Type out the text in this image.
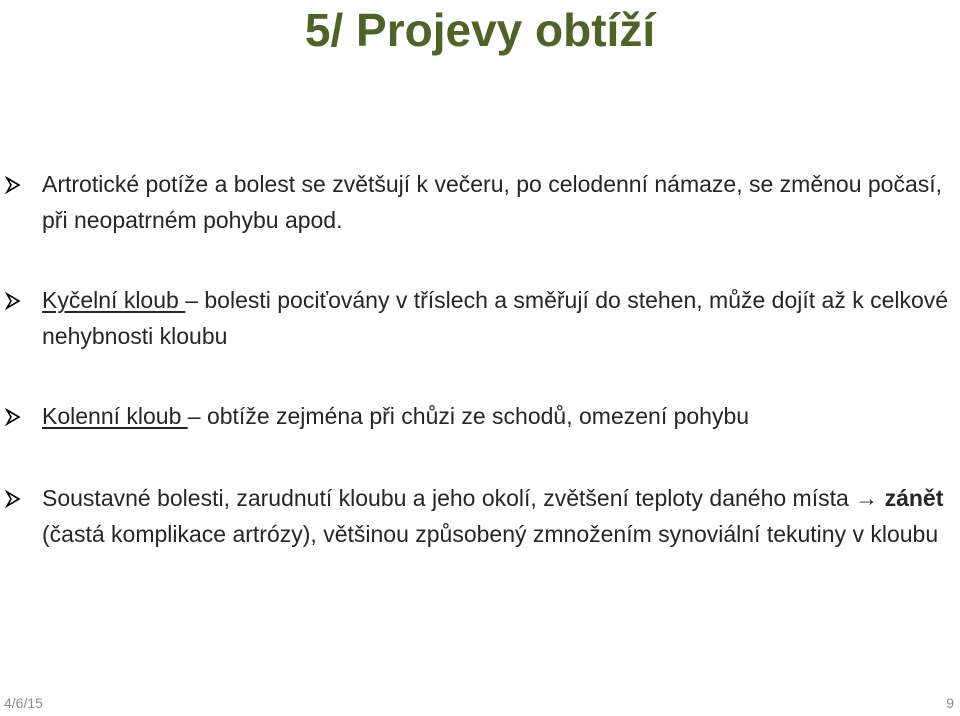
5/ Projevy obtíží
Artrotické potíže a bolest se zvětšují k večeru, po celodenní námaze, se změnou počasí, při neopatrném pohybu apod.
Kyčelní kloub – bolesti pociťovány v tříslech a směřují do stehen, může dojít až k celkové nehybnosti kloubu
Kolenní kloub – obtíže zejména při chůzi ze schodů, omezení pohybu
Soustavné bolesti, zarudnutí kloubu a jeho okolí, zvětšení teploty daného místa → zánět (častá komplikace artrózy), většinou způsobený zmnožením synoviální tekutiny v kloubu
4/6/15	9
